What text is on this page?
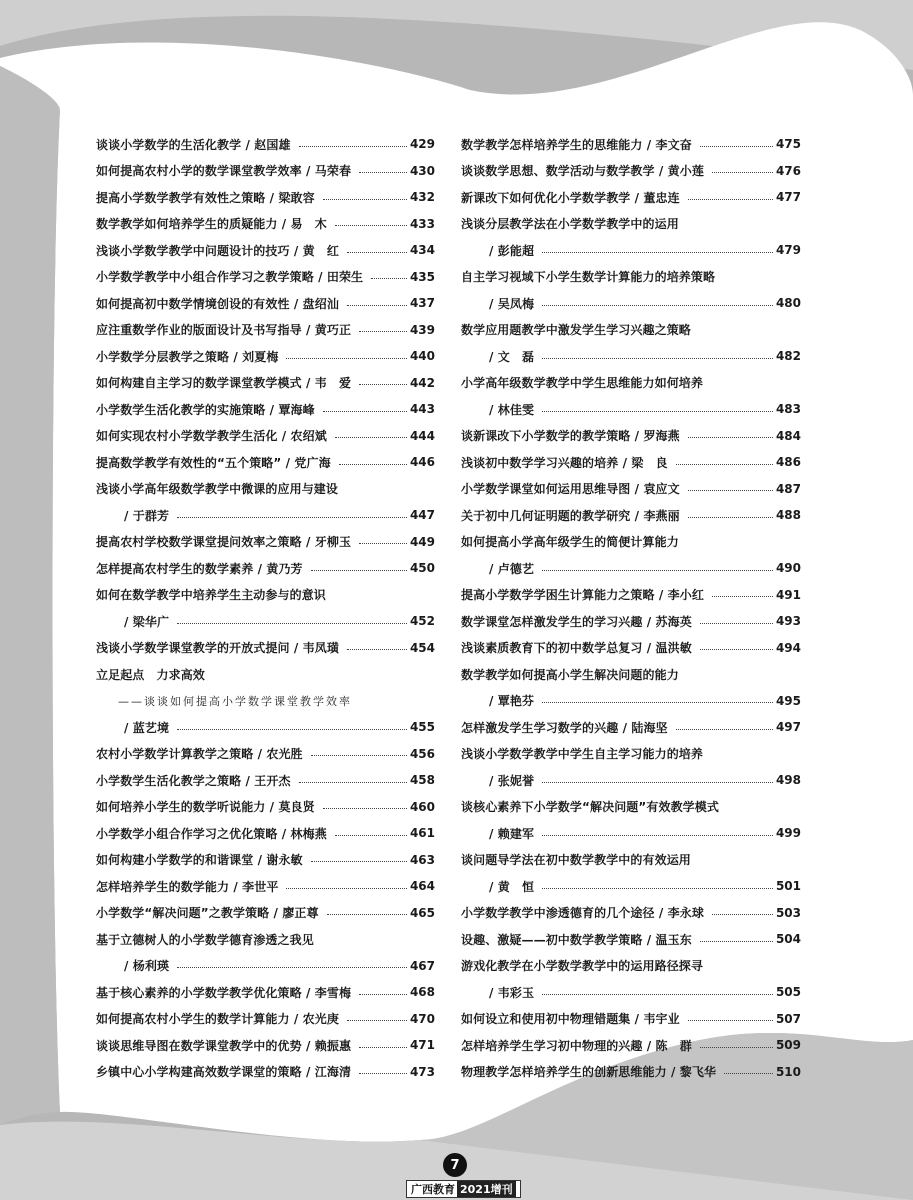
谈谈小学数学的生活化教学 / 赵国雄	429
如何提高农村小学的数学课堂教学效率 / 马荣春	430
提高小学数学教学有效性之策略 / 梁敢容	432
数学教学如何培养学生的质疑能力 / 易　木	433
浅谈小学数学教学中问题设计的技巧 / 黄　红	434
小学数学教学中小组合作学习之教学策略 / 田荣生	435
如何提高初中数学情境创设的有效性 / 盘绍汕	437
应注重数学作业的版面设计及书写指导 / 黄巧正	439
小学数学分层教学之策略 / 刘夏梅	440
如何构建自主学习的数学课堂教学模式 / 韦　爱	442
小学数学生活化教学的实施策略 / 覃海峰	443
如何实现农村小学数学教学生活化 / 农绍斌	444
提高数学教学有效性的“五个策略” / 党广海	446
浅谈小学高年级数学教学中微课的应用与建设
/ 于群芳	447
提高农村学校数学课堂提问效率之策略 / 牙柳玉	449
怎样提高农村学生的数学素养 / 黄乃芳	450
如何在数学教学中培养学生主动参与的意识
/ 梁华广	452
浅谈小学数学课堂教学的开放式提问 / 韦凤璜	454
立足起点　力求高效
——谈谈如何提高小学数学课堂教学效率
/ 蓝艺境	455
农村小学数学计算教学之策略 / 农光胜	456
小学数学生活化教学之策略 / 王开杰	458
如何培养小学生的数学听说能力 / 莫良贤	460
小学数学小组合作学习之优化策略 / 林梅燕	461
如何构建小学数学的和谐课堂 / 谢永敏	463
怎样培养学生的数学能力 / 李世平	464
小学数学“解决问题”之教学策略 / 廖正尊	465
基于立德树人的小学数学德育渗透之我见
/ 杨利瑛	467
基于核心素养的小学数学教学优化策略 / 李雪梅	468
如何提高农村小学生的数学计算能力 / 农光庚	470
谈谈思维导图在数学课堂教学中的优势 / 赖振惠	471
乡镇中心小学构建高效数学课堂的策略 / 江海清	473
数学教学怎样培养学生的思维能力 / 李文奋	475
谈谈数学思想、数学活动与数学教学 / 黄小莲	476
新课改下如何优化小学数学教学 / 董忠连	477
浅谈分层教学法在小学数学教学中的运用
/ 彭能超	479
自主学习视域下小学生数学计算能力的培养策略
/ 吴凤梅	480
数学应用题教学中激发学生学习兴趣之策略
/ 文　磊	482
小学高年级数学教学中学生思维能力如何培养
/ 林佳雯	483
谈新课改下小学数学的教学策略 / 罗海燕	484
浅谈初中数学学习兴趣的培养 / 梁　良	486
小学数学课堂如何运用思维导图 / 袁应文	487
关于初中几何证明题的教学研究 / 李燕丽	488
如何提高小学高年级学生的简便计算能力
/ 卢德艺	490
提高小学数学学困生计算能力之策略 / 李小红	491
数学课堂怎样激发学生的学习兴趣 / 苏海英	493
浅谈素质教育下的初中数学总复习 / 温洪敏	494
数学教学如何提高小学生解决问题的能力
/ 覃艳芬	495
怎样激发学生学习数学的兴趣 / 陆海坚	497
浅谈小学数学教学中学生自主学习能力的培养
/ 张妮誉	498
谈核心素养下小学数学“解决问题”有效教学模式
/ 赖建军	499
谈问题导学法在初中数学教学中的有效运用
/ 黄　恒	501
小学数学教学中渗透德育的几个途径 / 李永球	503
设趣、激疑——初中数学教学策略 / 温玉东	504
游戏化教学在小学数学教学中的运用路径探寻
/ 韦彩玉	505
如何设立和使用初中物理错题集 / 韦宇业	507
怎样培养学生学习初中物理的兴趣 / 陈　群	509
物理教学怎样培养学生的创新思维能力 / 黎飞华	510
7
广西教育 2021增刊
